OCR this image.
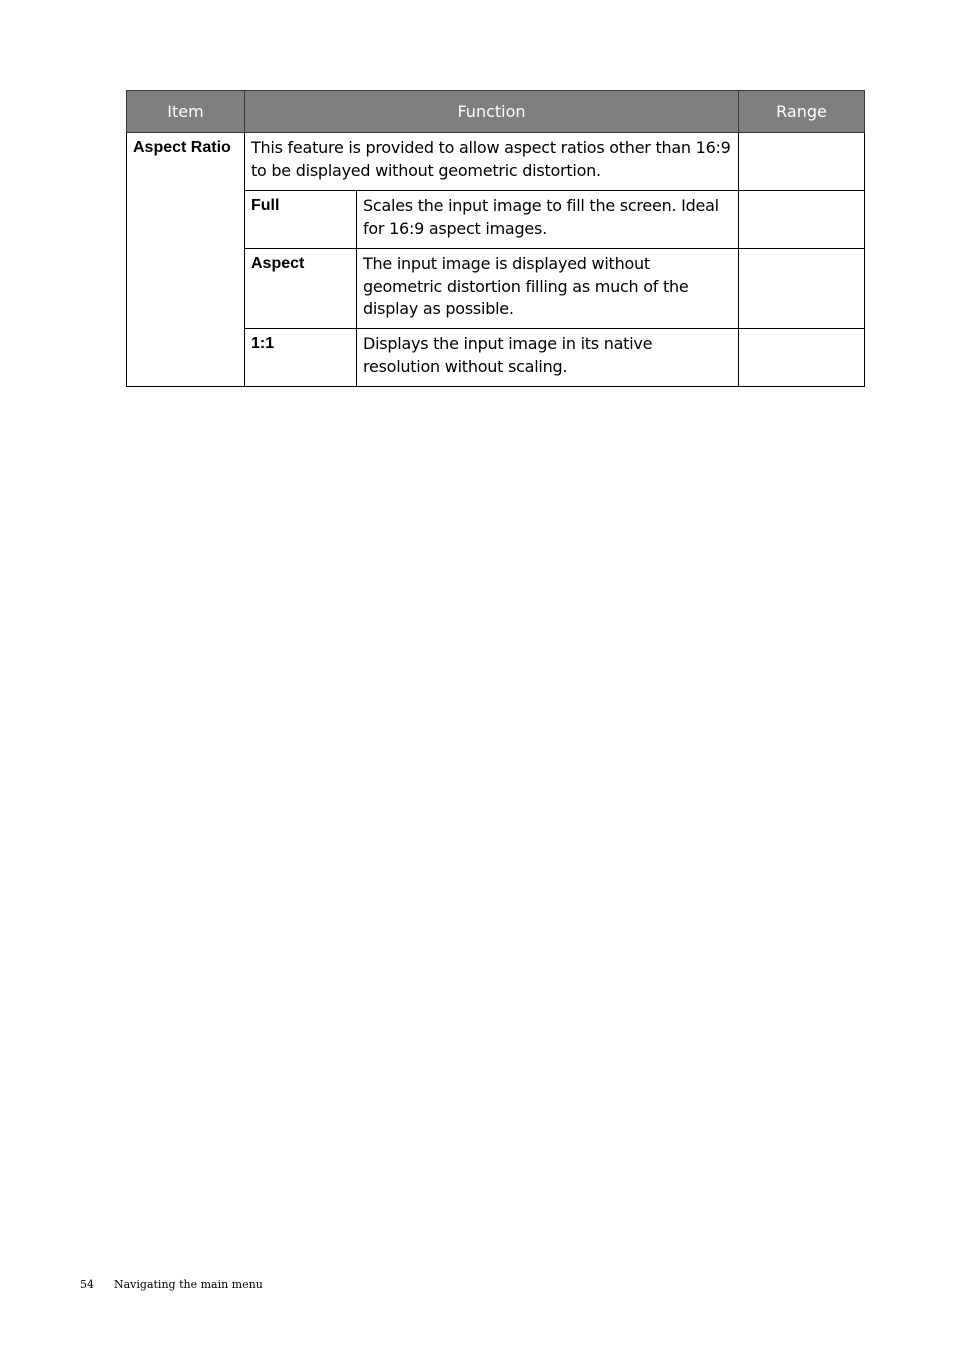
Item	Function		Range
Aspect Ratio	This feature is provided to allow aspect ratios other than 16:9 to be displayed without geometric distortion.		
	Full	Scales the input image to fill the screen. Ideal for 16:9 aspect images.	
	Aspect	The input image is displayed without geometric distortion filling as much of the display as possible.	
	1:1	Displays the input image in its native resolution without scaling.	
54 Navigating the main menu
